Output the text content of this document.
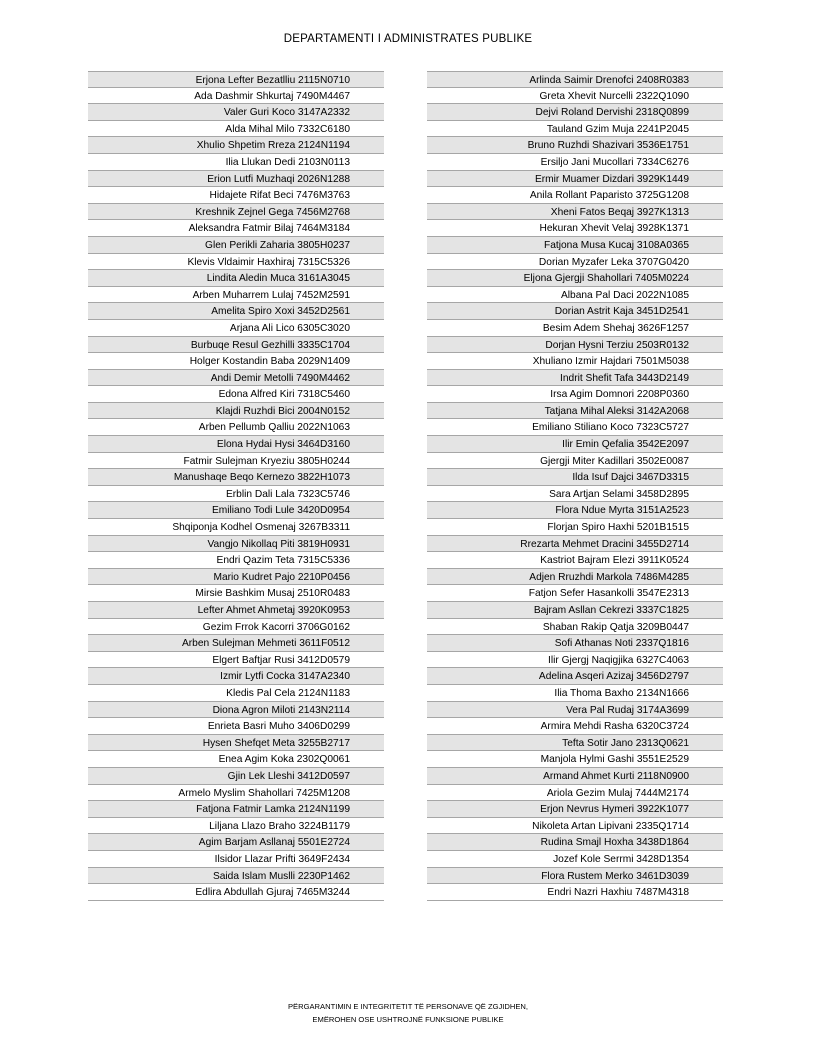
DEPARTAMENTI I ADMINISTRATES PUBLIKE
Erjona Lefter Bezatlliu 2115N0710
Ada Dashmir Shkurtaj 7490M4467
Valer Guri Koco 3147A2332
Alda Mihal Milo 7332C6180
Xhulio Shpetim Rreza 2124N1194
Ilia Llukan Dedi 2103N0113
Erion Lutfi Muzhaqi 2026N1288
Hidajete Rifat Beci 7476M3763
Kreshnik Zejnel Gega 7456M2768
Aleksandra Fatmir Bilaj 7464M3184
Glen Perikli Zaharia 3805H0237
Klevis Vldaimir Haxhiraj 7315C5326
Lindita Aledin Muca 3161A3045
Arben Muharrem Lulaj 7452M2591
Amelita Spiro Xoxi 3452D2561
Arjana Ali Lico 6305C3020
Burbuqe Resul Gezhilli 3335C1704
Holger Kostandin Baba 2029N1409
Andi Demir Metolli 7490M4462
Edona Alfred Kiri 7318C5460
Klajdi Ruzhdi Bici 2004N0152
Arben Pellumb Qalliu 2022N1063
Elona Hydai Hysi 3464D3160
Fatmir Sulejman Kryeziu 3805H0244
Manushaqe Beqo Kernezo 3822H1073
Erblin Dali Lala 7323C5746
Emiliano Todi Lule 3420D0954
Shqiponja Kodhel Osmenaj 3267B3311
Vangjo Nikollaq Piti 3819H0931
Endri Qazim Teta 7315C5336
Mario Kudret Pajo 2210P0456
Mirsie Bashkim Musaj 2510R0483
Lefter Ahmet Ahmetaj 3920K0953
Gezim Frrok Kacorri 3706G0162
Arben Sulejman Mehmeti 3611F0512
Elgert Baftjar Rusi 3412D0579
Izmir Lytfi Cocka 3147A2340
Kledis Pal Cela 2124N1183
Diona Agron Miloti 2143N2114
Enrieta Basri Muho 3406D0299
Hysen Shefqet Meta 3255B2717
Enea Agim Koka 2302Q0061
Gjin Lek Lleshi 3412D0597
Armelo Myslim Shahollari 7425M1208
Fatjona Fatmir Lamka 2124N1199
Liljana Llazo Braho 3224B1179
Agim Barjam Asllanaj 5501E2724
Ilsidor Llazar Prifti 3649F2434
Saida Islam Muslli 2230P1462
Edlira Abdullah Gjuraj 7465M3244
Arlinda Saimir Drenofci 2408R0383
Greta Xhevit Nurcelli 2322Q1090
Dejvi Roland Dervishi 2318Q0899
Tauland Gzim Muja 2241P2045
Bruno Ruzhdi Shazivari 3536E1751
Ersiljo Jani Mucollari 7334C6276
Ermir Muamer Dizdari 3929K1449
Anila Rollant Paparisto 3725G1208
Xheni Fatos Beqaj 3927K1313
Hekuran Xhevit Velaj 3928K1371
Fatjona Musa Kucaj 3108A0365
Dorian Myzafer Leka 3707G0420
Eljona Gjergji Shahollari 7405M0224
Albana Pal Daci 2022N1085
Dorian Astrit Kaja 3451D2541
Besim Adem Shehaj 3626F1257
Dorjan Hysni Terziu 2503R0132
Xhuliano Izmir Hajdari 7501M5038
Indrit Shefit Tafa 3443D2149
Irsa Agim Domnori 2208P0360
Tatjana Mihal Aleksi 3142A2068
Emiliano Stiliano Koco 7323C5727
Ilir Emin Qefalia 3542E2097
Gjergji Miter Kadillari 3502E0087
Ilda Isuf Dajci 3467D3315
Sara Artjan Selami 3458D2895
Flora Ndue Myrta 3151A2523
Florjan Spiro Haxhi 5201B1515
Rrezarta Mehmet Dracini 3455D2714
Kastriot Bajram Elezi 3911K0524
Adjen Rruzhdi Markola 7486M4285
Fatjon Sefer Hasankolli 3547E2313
Bajram Asllan Cekrezi 3337C1825
Shaban Rakip Qatja 3209B0447
Sofi Athanas Noti 2337Q1816
Ilir Gjergj Naqigjika 6327C4063
Adelina Asqeri Azizaj 3456D2797
Ilia Thoma Baxho 2134N1666
Vera Pal Rudaj 3174A3699
Armira Mehdi Rasha 6320C3724
Tefta Sotir Jano 2313Q0621
Manjola Hylmi Gashi 3551E2529
Armand Ahmet Kurti 2118N0900
Ariola Gezim Mulaj 7444M2174
Erjon Nevrus Hymeri 3922K1077
Nikoleta Artan Lipivani 2335Q1714
Rudina Smajl Hoxha 3438D1864
Jozef Kole Serrmi 3428D1354
Flora Rustem Merko 3461D3039
Endri Nazri Haxhiu 7487M4318
PËRGARANTIMIN E INTEGRITETIT TË PERSONAVE QË ZGJIDHEN,
EMËROHEN OSE USHTROJNË FUNKSIONE PUBLIKE
